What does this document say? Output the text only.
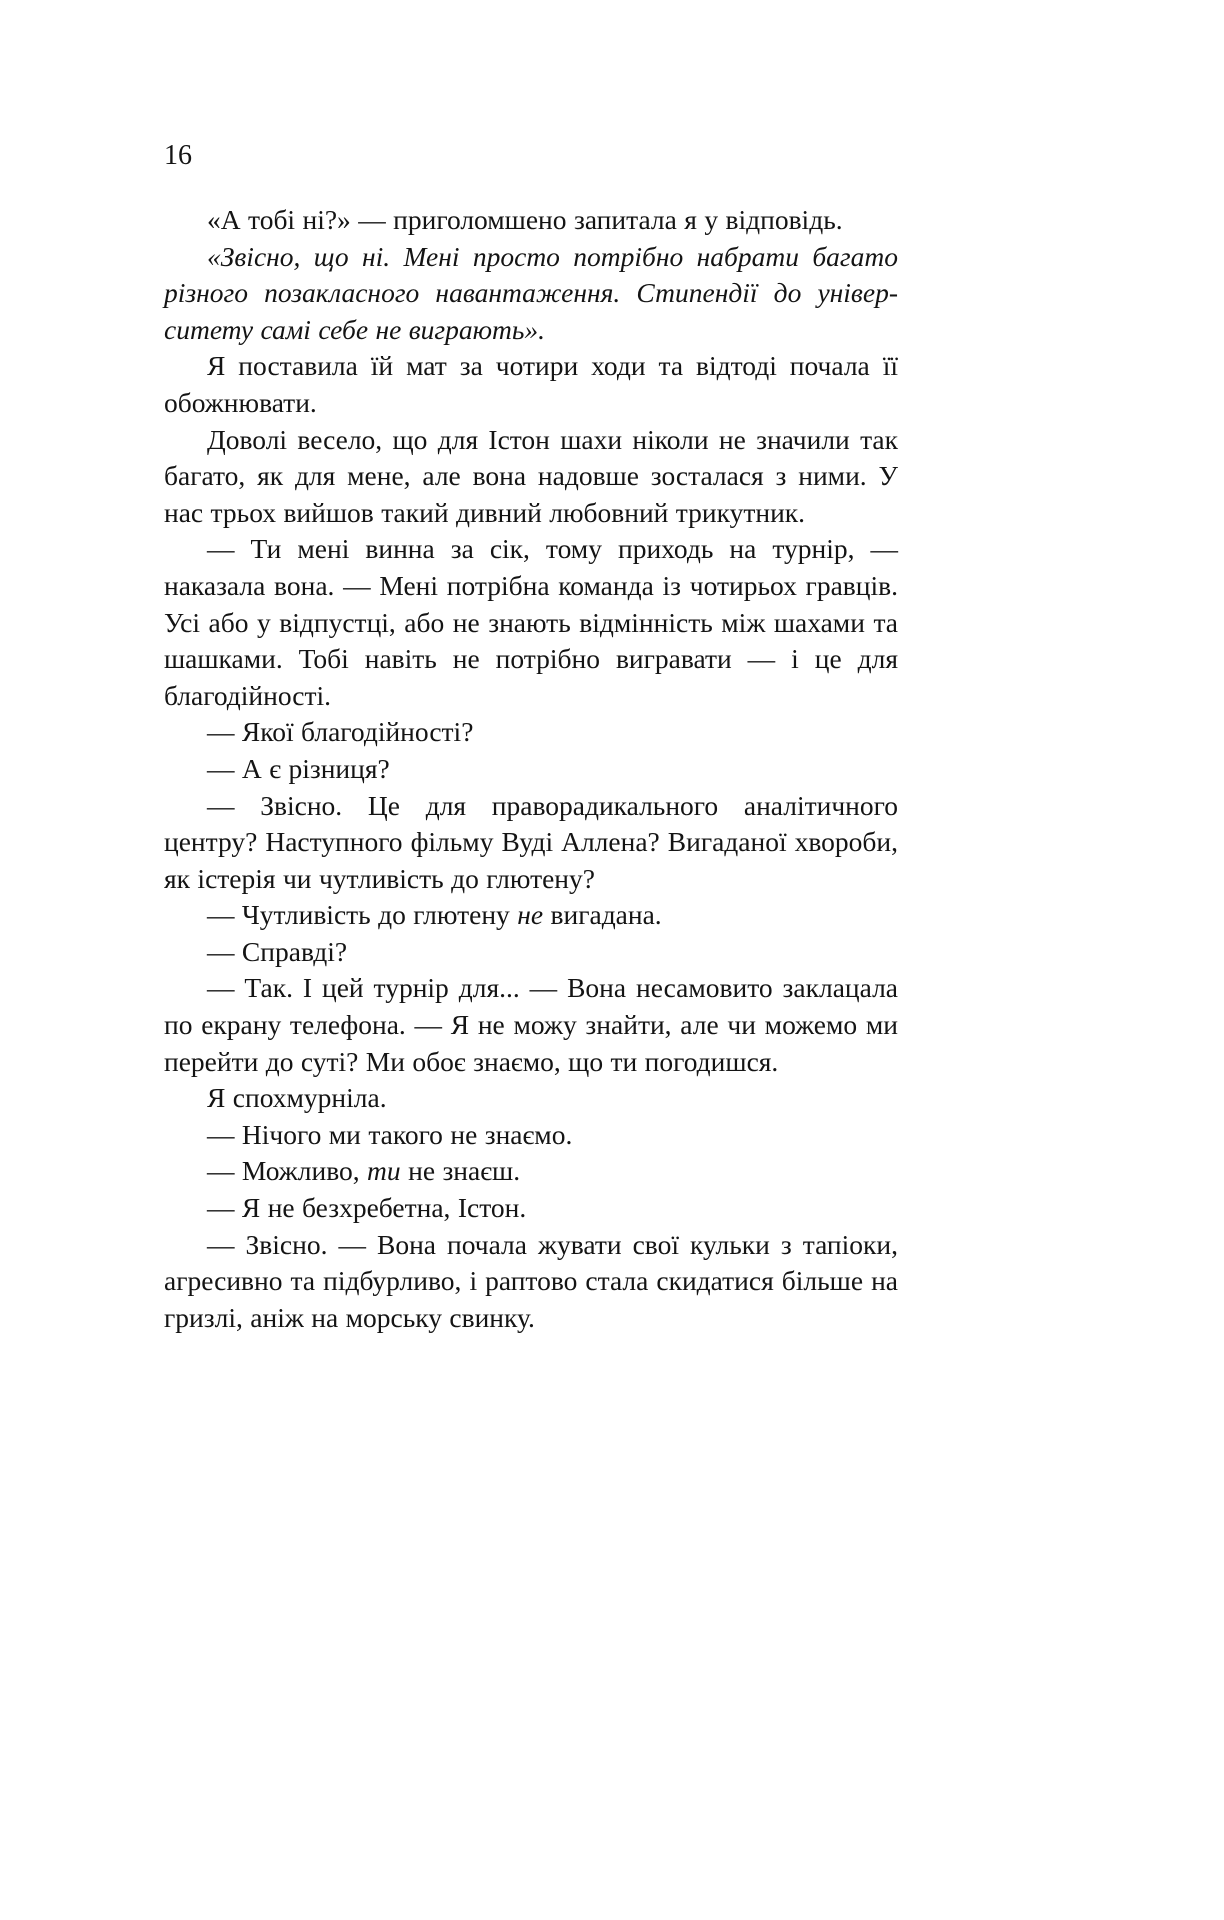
16

«А тобі ні?» — приголомшено запитала я у відповідь.

«Звісно, що ні. Мені просто потрібно набрати багато різного позакласного навантаження. Стипендії до університету самі себе не виграють».

Я поставила їй мат за чотири ходи та відтоді почала її обожнювати.

Доволі весело, що для Істон шахи ніколи не значили так багато, як для мене, але вона надовше зосталася з ними. У нас трьох вийшов такий дивний любовний трикутник.

— Ти мені винна за сік, тому приходь на турнір, — наказала вона. — Мені потрібна команда із чотирьох гравців. Усі або у відпустці, або не знають відмінність між шахами та шашками. Тобі навіть не потрібно вигравати — і це для благодійності.

— Якої благодійності?

— А є різниця?

— Звісно. Це для праворадикального аналітичного центру? Наступного фільму Вуді Аллена? Вигаданої хвороби, як істерія чи чутливість до глютену?

— Чутливість до глютену не вигадана.

— Справді?

— Так. І цей турнір для... — Вона несамовито заклацала по екрану телефона. — Я не можу знайти, але чи можемо ми перейти до суті? Ми обоє знаємо, що ти погодишся.

Я спохмурніла.

— Нічого ми такого не знаємо.

— Можливо, ти не знаєш.

— Я не безхребетна, Істон.

— Звісно. — Вона почала жувати свої кульки з тапіоки, агресивно та підбурливо, і раптово стала скидатися більше на гризлі, аніж на морську свинку.
